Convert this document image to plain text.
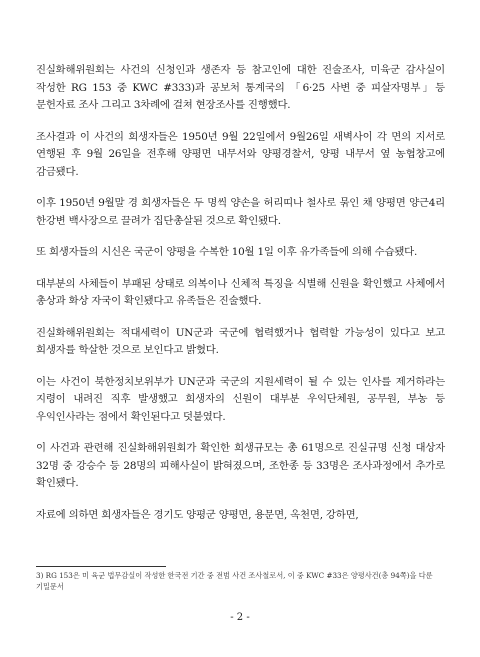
진실화해위원회는 사건의 신청인과 생존자 등 참고인에 대한 진술조사, 미육군 감사실이 작성한 RG 153 중 KWC #333)과 공보처 통계국의 「6·25 사변 중 피살자명부」등 문헌자료 조사 그리고 3차례에 걸쳐 현장조사를 진행했다.

조사결과 이 사건의 희생자들은 1950년 9월 22일에서 9월26일 새벽사이 각 면의 지서로 연행된 후 9월 26일을 전후해 양평면 내무서와 양평경찰서, 양평 내무서 옆 농협창고에 감금됐다.

이후 1950년 9월말 경 희생자들은 두 명씩 양손을 허리띠나 철사로 묶인 채 양평면 양근4리 한강변 백사장으로 끌려가 집단총살된 것으로 확인됐다.

또 희생자들의 시신은 국군이 양평을 수복한 10월 1일 이후 유가족들에 의해 수습됐다.

대부분의 사체들이 부패된 상태로 의복이나 신체적 특징을 식별해 신원을 확인했고 사체에서 총상과 화상 자국이 확인됐다고 유족들은 진술했다.

진실화해위원회는 적대세력이 UN군과 국군에 협력했거나 협력할 가능성이 있다고 보고 희생자를 학살한 것으로 보인다고 밝혔다.

이는 사건이 북한정치보위부가 UN군과 국군의 지원세력이 될 수 있는 인사를 제거하라는 지령이 내려진 직후 발생했고 희생자의 신원이 대부분 우익단체원, 공무원, 부농 등 우익인사라는 점에서 확인된다고 덧붙였다.

이 사건과 관련해 진실화해위원회가 확인한 희생규모는 총 61명으로 진실규명 신청 대상자 32명 중 강승수 등 28명의 피해사실이 밝혀졌으며, 조한종 등 33명은 조사과정에서 추가로 확인됐다.

자료에 의하면 희생자들은 경기도 양평군 양평면, 용문면, 옥천면, 강하면,

3) RG 153은 미 육군 법무감실이 작성한 한국전 기간 중 전범 사건 조사철로서, 이 중 KWC #33은 양평사건(총 94쪽)을 다룬 기밀문서
- 2 -
